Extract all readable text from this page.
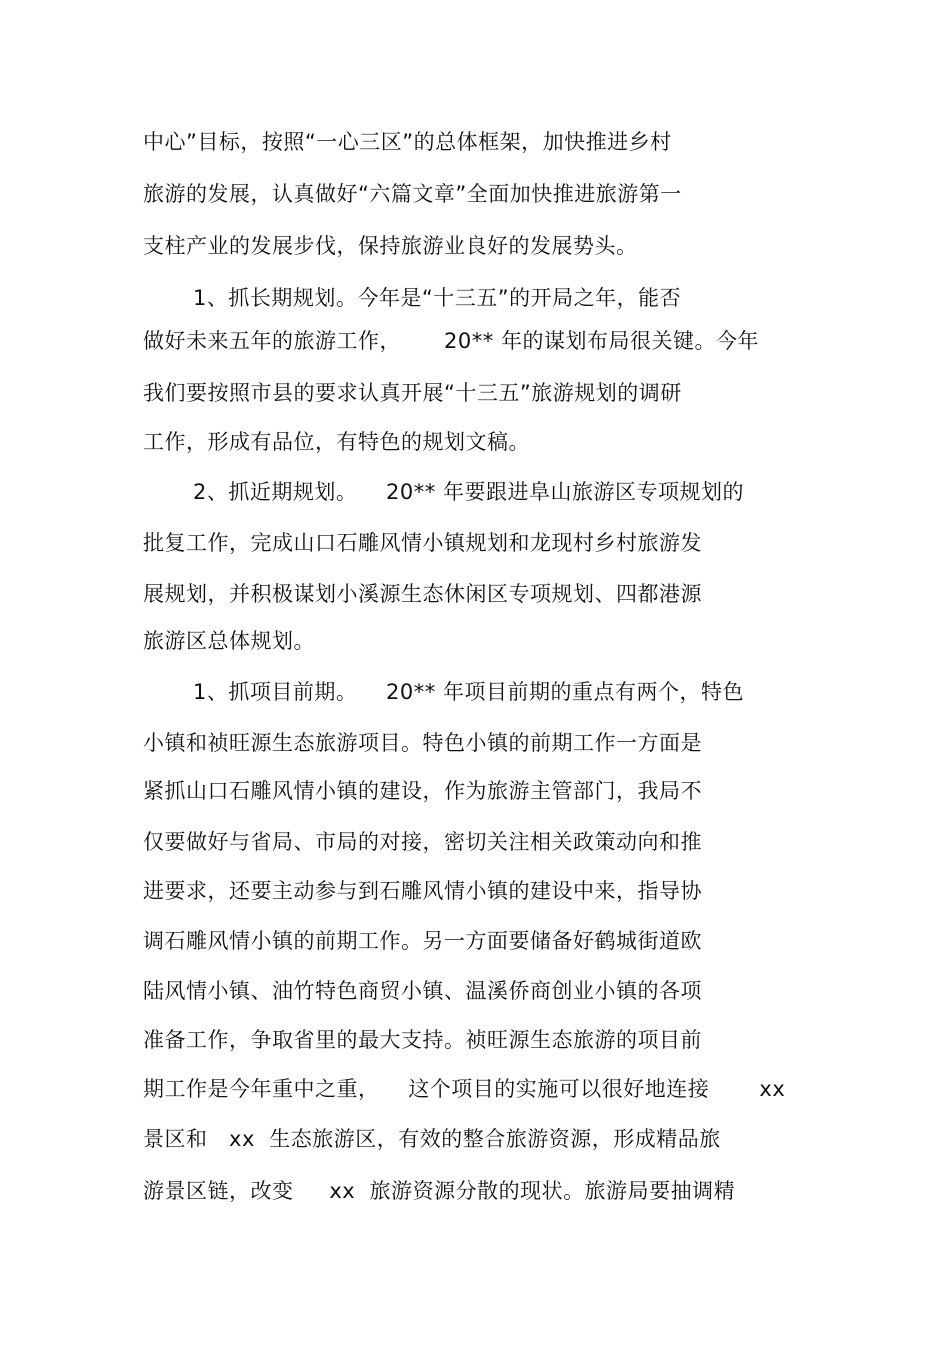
中心”目标，按照“一心三区”的总体框架，加快推进乡村
旅游的发展，认真做好“六篇文章”全面加快推进旅游第一
支柱产业的发展步伐，保持旅游业良好的发展势头。
1、抓长期规划。今年是“十三五”的开局之年，能否
做好未来五年的旅游工作，      20** 年的谋划布局很关键。今年
我们要按照市县的要求认真开展“十三五”旅游规划的调研
工作，形成有品位，有特色的规划文稿。
2、抓近期规划。    20** 年要跟进阜山旅游区专项规划的
批复工作，完成山口石雕风情小镇规划和龙现村乡村旅游发
展规划，并积极谋划小溪源生态休闲区专项规划、四都港源
旅游区总体规划。
1、抓项目前期。    20** 年项目前期的重点有两个，特色
小镇和祯旺源生态旅游项目。特色小镇的前期工作一方面是
紧抓山口石雕风情小镇的建设，作为旅游主管部门，我局不
仅要做好与省局、市局的对接，密切关注相关政策动向和推
进要求，还要主动参与到石雕风情小镇的建设中来，指导协
调石雕风情小镇的前期工作。另一方面要储备好鹤城街道欧
陆风情小镇、油竹特色商贸小镇、温溪侨商创业小镇的各项
准备工作，争取省里的最大支持。祯旺源生态旅游的项目前
期工作是今年重中之重，    这个项目的实施可以很好地连接       xx
景区和   xx  生态旅游区，有效的整合旅游资源，形成精品旅
游景区链，改变     xx  旅游资源分散的现状。旅游局要抽调精
